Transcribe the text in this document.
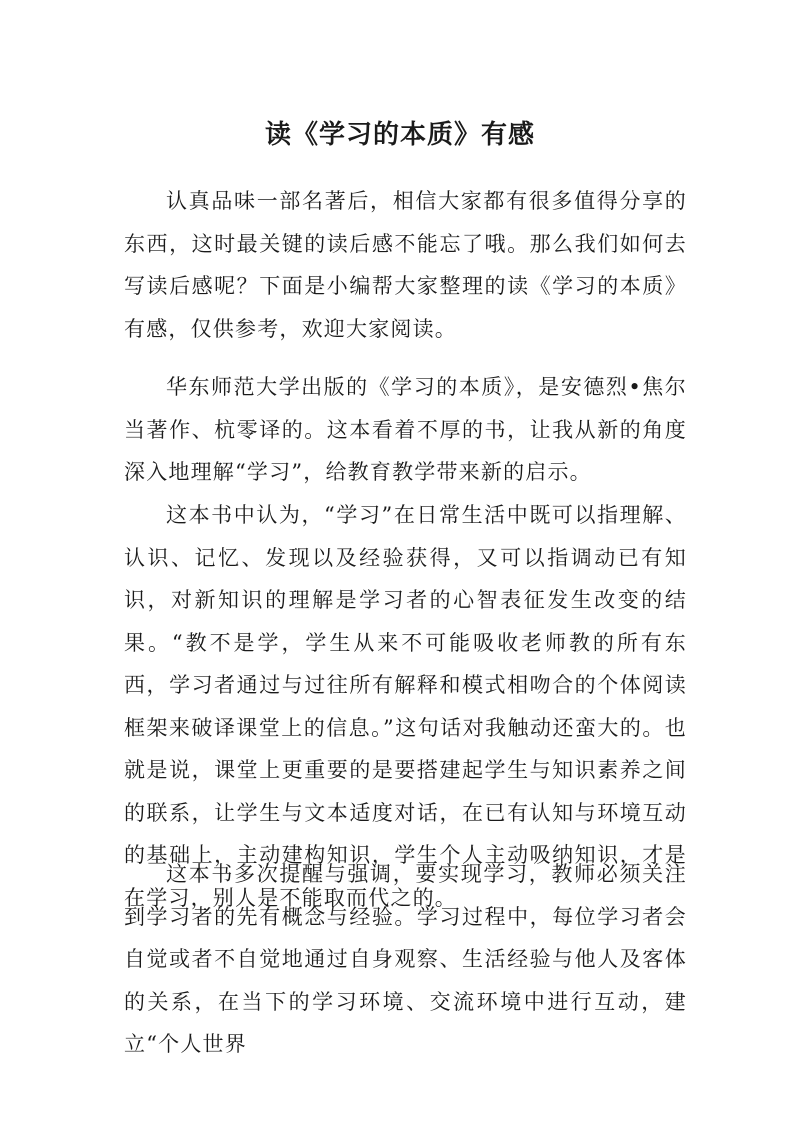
读《学习的本质》有感

认真品味一部名著后，相信大家都有很多值得分享的东西，这时最关键的读后感不能忘了哦。那么我们如何去写读后感呢？下面是小编帮大家整理的读《学习的本质》有感，仅供参考，欢迎大家阅读。

华东师范大学出版的《学习的本质》，是安德烈•焦尔当著作、杭零译的。这本看着不厚的书，让我从新的角度深入地理解“学习”，给教育教学带来新的启示。

这本书中认为，“学习”在日常生活中既可以指理解、认识、记忆、发现以及经验获得，又可以指调动已有知识，对新知识的理解是学习者的心智表征发生改变的结果。“教不是学，学生从来不可能吸收老师教的所有东西，学习者通过与过往所有解释和模式相吻合的个体阅读框架来破译课堂上的信息。”这句话对我触动还蛮大的。也就是说，课堂上更重要的是要搭建起学生与知识素养之间的联系，让学生与文本适度对话，在已有认知与环境互动的基础上，主动建构知识，学生个人主动吸纳知识，才是在学习，别人是不能取而代之的。

这本书多次提醒与强调，要实现学习，教师必须关注到学习者的先有概念与经验。学习过程中，每位学习者会自觉或者不自觉地通过自身观察、生活经验与他人及客体的关系，在当下的学习环境、交流环境中进行互动，建立“个人世界
